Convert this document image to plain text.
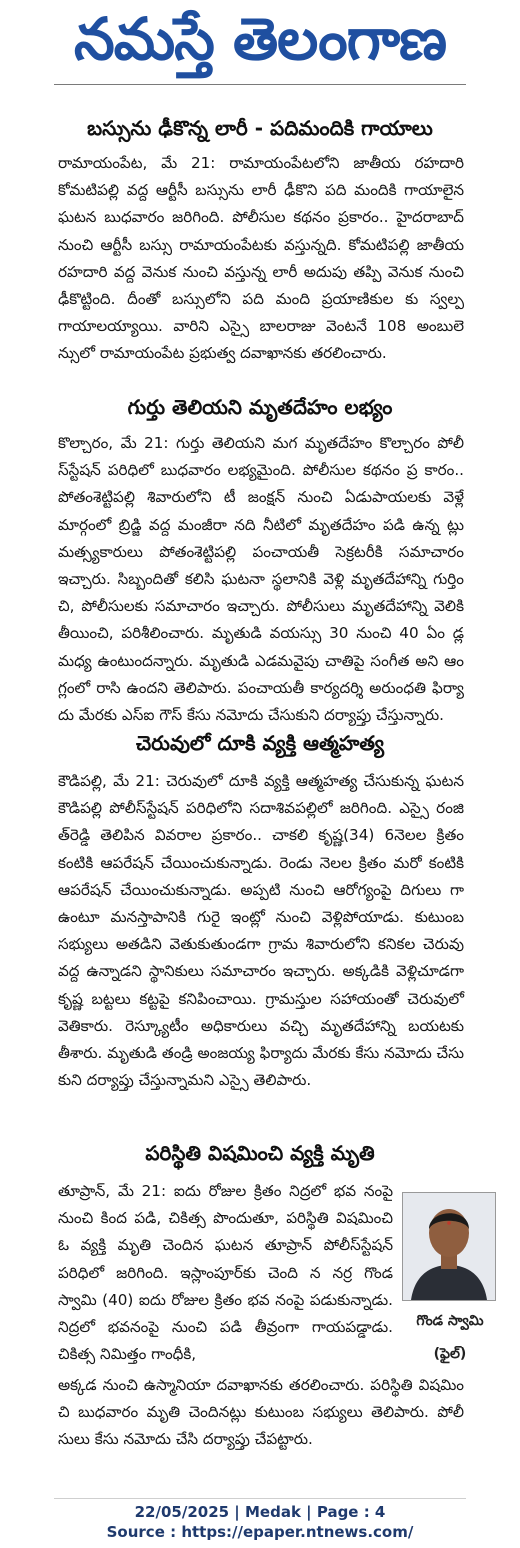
నమస్తే తెలంగాణ
బస్సును ఢీకొన్న లారీ - పదిమందికి గాయాలు
రామాయంపేట, మే 21: రామాయంపేటలోని జాతీయ రహదారి కోమటిపల్లి వద్ద ఆర్టీసీ బస్సును లారీ ఢీకొని పది మందికి గాయాలైన ఘటన బుధవారం జరిగింది. పోలీసుల కథనం ప్రకారం.. హైదరాబాద్ నుంచి ఆర్టీసీ బస్సు రామాయంపేటకు వస్తున్నది. కోమటిపల్లి జాతీయ రహదారి వద్ద వెనుక నుంచి వస్తున్న లారీ అదుపు తప్పి వెనుక నుంచి ఢీకొట్టింది. దీంతో బస్సులోని పది మంది ప్రయాణికుల కు స్వల్ప గాయాలయ్యాయి. వారిని ఎస్సై బాలరాజు వెంటనే 108 అంబులె న్సులో రామాయంపేట ప్రభుత్వ దవాఖానకు తరలించారు.
గుర్తు తెలియని మృతదేహం లభ్యం
కొల్చారం, మే 21: గుర్తు తెలియని మగ మృతదేహం కొల్చారం పోలీ స్‌స్టేషన్ పరిధిలో బుధవారం లభ్యమైంది. పోలీసుల కథనం ప్ర కారం.. పోతంశెట్టిపల్లి శివారులోని టీ జంక్షన్ నుంచి ఏడుపాయలకు వెళ్లే మార్గంలో బ్రిడ్జి వద్ద మంజీరా నది నీటిలో మృతదేహం పడి ఉన్న ట్లు మత్స్యకారులు పోతంశెట్టిపల్లి పంచాయతీ సెక్రటరీకి సమాచారం ఇచ్చారు. సిబ్బందితో కలిసి ఘటనా స్థలానికి వెళ్లి మృతదేహాన్ని గుర్తిం చి, పోలీసులకు సమాచారం ఇచ్చారు. పోలీసులు మృతదేహాన్ని వెలికి తీయించి, పరిశీలించారు. మృతుడి వయస్సు 30 నుంచి 40 ఏం డ్ల మధ్య ఉంటుందన్నారు. మృతుడి ఎడమవైపు చాతిపై సంగీత అని ఆం గ్లంలో రాసి ఉందని తెలిపారు. పంచాయతీ కార్యదర్శి అరుంధతి ఫిర్యా దు మేరకు ఎస్ఐ గౌస్ కేసు నమోదు చేసుకుని దర్యాప్తు చేస్తున్నారు.
చెరువులో దూకి వ్యక్తి ఆత్మహత్య
కౌడిపల్లి, మే 21: చెరువులో దూకి వ్యక్తి ఆత్మహత్య చేసుకున్న ఘటన కౌడిపల్లి పోలీస్‌స్టేషన్ పరిధిలోని సదాశివపల్లిలో జరిగింది. ఎస్సై రంజి త్‌రెడ్డి తెలిపిన వివరాల ప్రకారం.. చాకలి కృష్ణ(34) 6నెలల క్రితం కంటికి ఆపరేషన్ చేయించుకున్నాడు. రెండు నెలల క్రితం మరో కంటికి ఆపరేషన్ చేయించుకున్నాడు. అప్పటి నుంచి ఆరోగ్యంపై దిగులు గా ఉంటూ మనస్తాపానికి గురై ఇంట్లో నుంచి వెళ్లిపోయాడు. కుటుంబ సభ్యులు అతడిని వెతుకుతుండగా గ్రామ శివారులోని కనికల చెరువు వద్ద ఉన్నాడని స్థానికులు సమాచారం ఇచ్చారు. అక్కడికి వెళ్లిచూడగా కృష్ణ బట్టలు కట్టపై కనిపించాయి. గ్రామస్తుల సహాయంతో చెరువులో వెతికారు. రెస్క్యూటీం అధికారులు వచ్చి మృతదేహాన్ని బయటకు తీశారు. మృతుడి తండ్రి అంజయ్య ఫిర్యాదు మేరకు కేసు నమోదు చేసు కుని దర్యాప్తు చేస్తున్నామని ఎస్సై తెలిపారు.
పరిస్థితి విషమించి వ్యక్తి మృతి
తూప్రాన్, మే 21: ఐదు రోజుల క్రితం నిద్రలో భవ నంపై నుంచి కింద పడి, చికిత్స పొందుతూ, పరిస్థితి విషమించి ఓ వ్యక్తి మృతి చెందిన ఘటన తూప్రాన్ పోలీస్‌స్టేషన్ పరిధిలో జరిగింది. ఇస్లాంపూర్‌కు చెంది న నర్ర గొండ స్వామి (40) ఐదు రోజుల క్రితం భవ నంపై పడుకున్నాడు. నిద్రలో భవనంపై నుంచి పడి తీవ్రంగా గాయపడ్డాడు. చికిత్స నిమిత్తం గాంధీకి,
గొండ స్వామి
(ఫైల్)
అక్కడ నుంచి ఉస్మానియా దవాఖానకు తరలించారు. పరిస్థితి విషమిం చి బుధవారం మృతి చెందినట్లు కుటుంబ సభ్యులు తెలిపారు. పోలీ సులు కేసు నమోదు చేసి దర్యాప్తు చేపట్టారు.
22/05/2025 | Medak | Page : 4
Source : https://epaper.ntnews.com/
